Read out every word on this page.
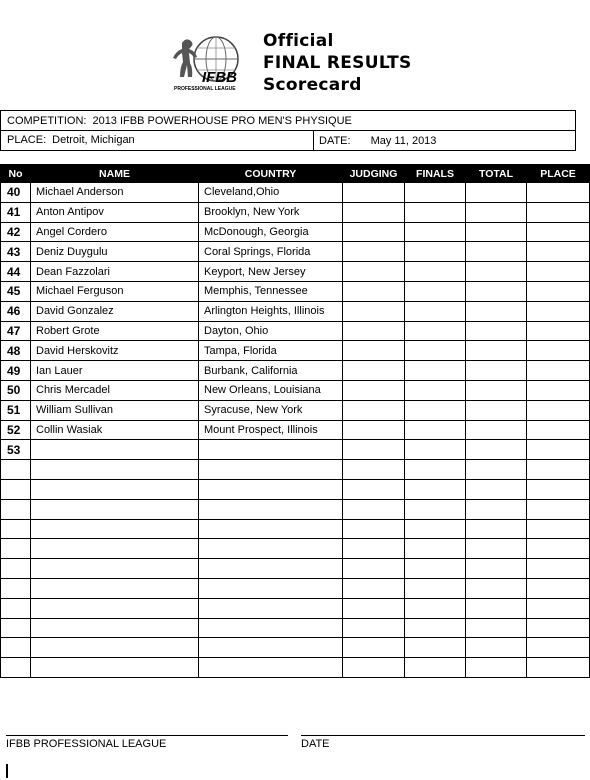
IFBB
PROFESSIONAL LEAGUE
Official
FINAL RESULTS
Scorecard
COMPETITION: 2013 IFBB POWERHOUSE PRO MEN'S PHYSIQUE
PLACE: Detroit, Michigan	DATE: May 11, 2013
No	NAME	COUNTRY	JUDGING	FINALS	TOTAL	PLACE
40	Michael Anderson	Cleveland,Ohio				
41	Anton Antipov	Brooklyn, New York				
42	Angel Cordero	McDonough, Georgia				
43	Deniz Duygulu	Coral Springs, Florida				
44	Dean Fazzolari	Keyport, New Jersey				
45	Michael Ferguson	Memphis, Tennessee				
46	David Gonzalez	Arlington Heights, Illinois				
47	Robert Grote	Dayton, Ohio				
48	David Herskovitz	Tampa, Florida				
49	Ian Lauer	Burbank, California				
50	Chris Mercadel	New Orleans, Louisiana				
51	William Sullivan	Syracuse, New York				
52	Collin Wasiak	Mount Prospect, Illinois				
53						

IFBB PROFESSIONAL LEAGUE	DATE
